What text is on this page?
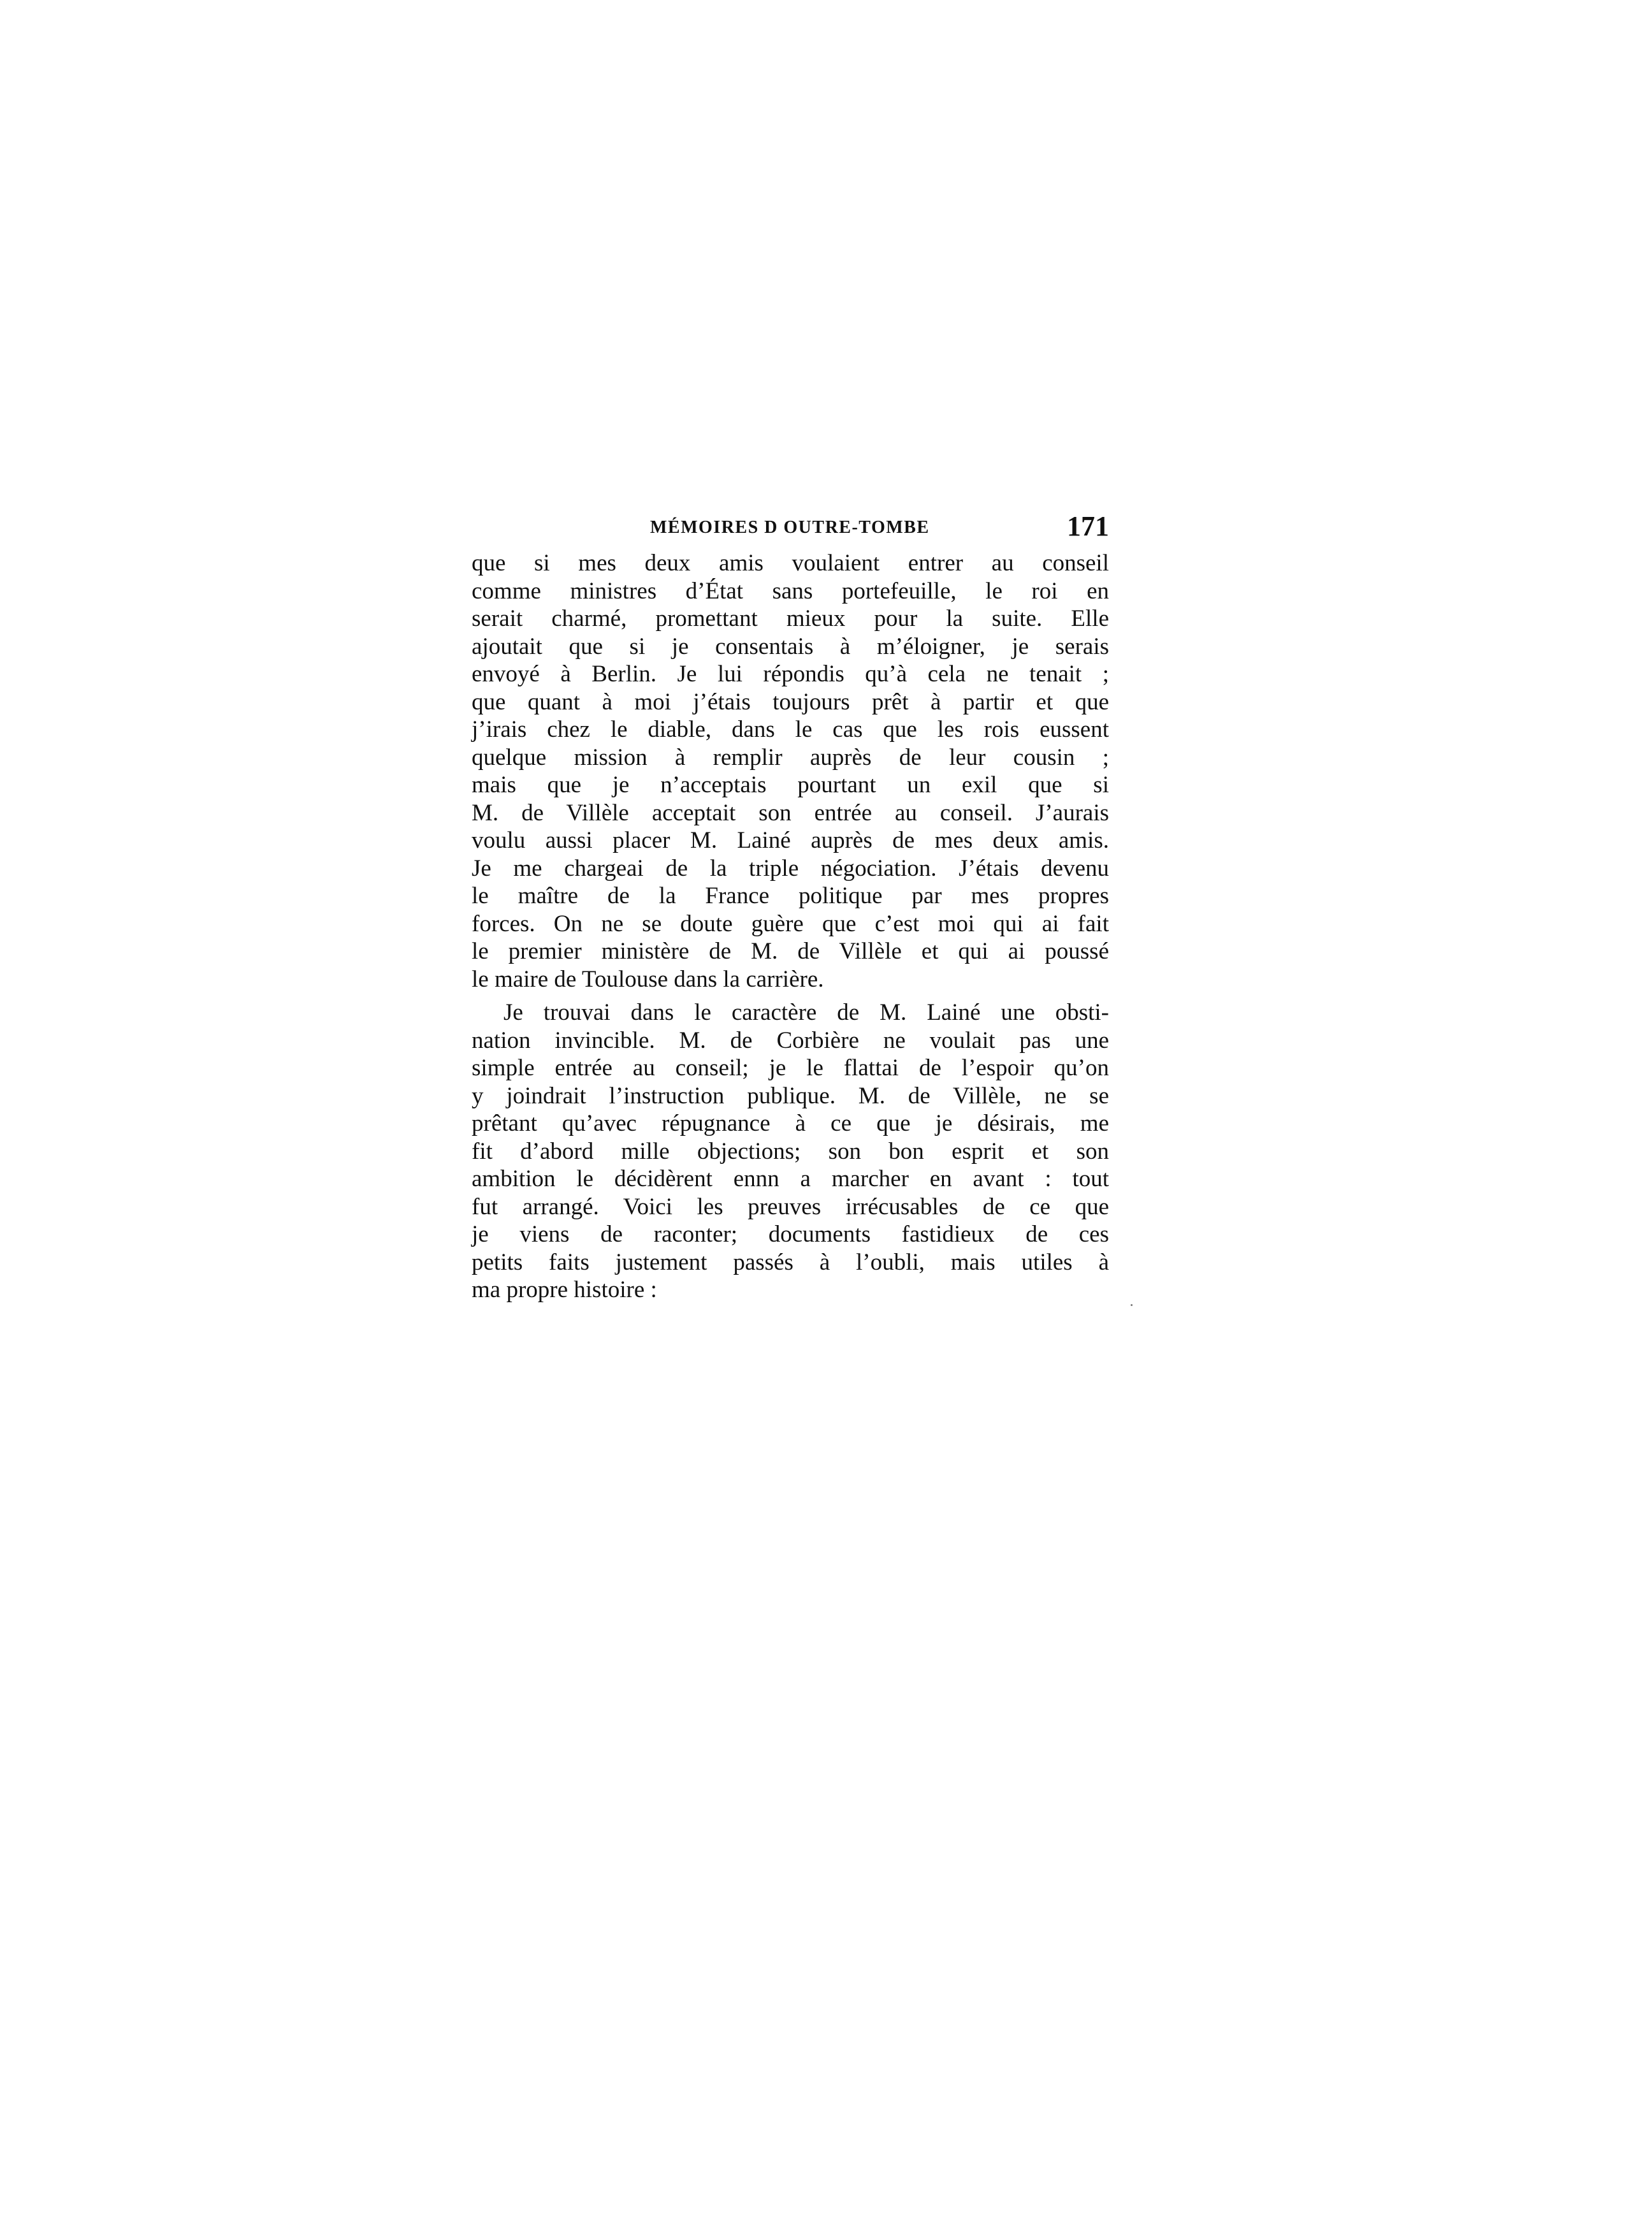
MÉMOIRES D OUTRE-TOMBE	171

que si mes deux amis voulaient entrer au conseil
comme ministres d’État sans portefeuille, le roi en
serait charmé, promettant mieux pour la suite. Elle
ajoutait que si je consentais à m’éloigner, je serais
envoyé à Berlin. Je lui répondis qu’à cela ne tenait ;
que quant à moi j’étais toujours prêt à partir et que
j’irais chez le diable, dans le cas que les rois eussent
quelque mission à remplir auprès de leur cousin ;
mais que je n’acceptais pourtant un exil que si
M. de Villèle acceptait son entrée au conseil. J’aurais
voulu aussi placer M. Lainé auprès de mes deux amis.
Je me chargeai de la triple négociation. J’étais devenu
le maître de la France politique par mes propres
forces. On ne se doute guère que c’est moi qui ai fait
le premier ministère de M. de Villèle et qui ai poussé
le maire de Toulouse dans la carrière.

Je trouvai dans le caractère de M. Lainé une obsti-
nation invincible. M. de Corbière ne voulait pas une
simple entrée au conseil; je le flattai de l’espoir qu’on
y joindrait l’instruction publique. M. de Villèle, ne se
prêtant qu’avec répugnance à ce que je désirais, me
fit d’abord mille objections; son bon esprit et son
ambition le décidèrent ennn a marcher en avant : tout
fut arrangé. Voici les preuves irrécusables de ce que
je viens de raconter; documents fastidieux de ces
petits faits justement passés à l’oubli, mais utiles à
ma propre histoire :
